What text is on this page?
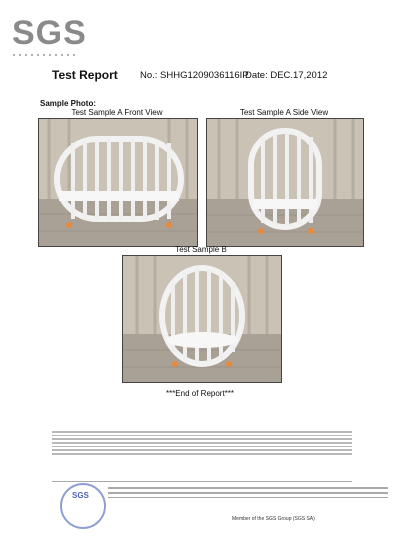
SGS
Test Report No.: SHHG1209036116IP
Date: DEC.17,2012
Sample Photo:
Test Sample A Front View	Test Sample A Side View
Test Sample B
***End of Report***
SGS
Member of the SGS Group (SGS SA)
